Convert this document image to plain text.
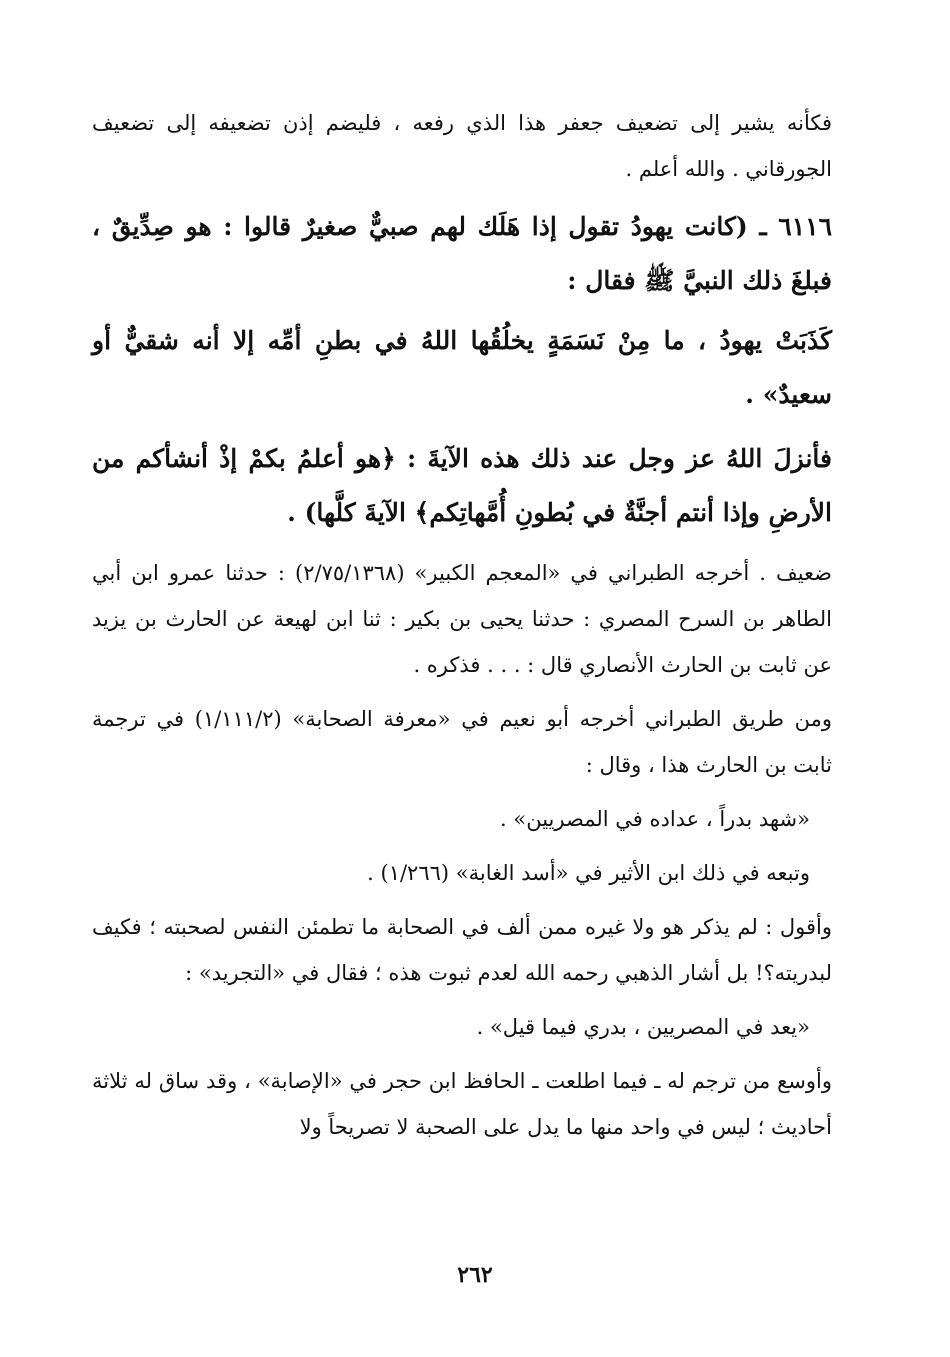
فكأنه يشير إلى تضعيف جعفر هذا الذي رفعه ، فليضم إذن تضعيفه إلى تضعيف الجورقاني . والله أعلم .

٦١١٦ ـ (كانت يهودُ تقول إذا هَلَك لهم صبيٌّ صغيرٌ قالوا : هو صِدِّيقٌ ، فبلغَ ذلك النبيَّ ﷺ فقال :

كَذَبَتْ يهودُ ، ما مِنْ نَسَمَةٍ يخلُقُها اللهُ في بطنِ أمِّه إلا أنه شقيٌّ أو سعيدٌ» .

فأنزلَ اللهُ عز وجل عند ذلك هذه الآيةَ : ﴿هو أعلمُ بكمْ إذْ أنشأكم من الأرضِ وإذا أنتم أجنَّةٌ في بُطونِ أُمَّهاتِكم﴾ الآيةَ كلَّها) .

ضعيف . أخرجه الطبراني في «المعجم الكبير» (٢/٧٥/١٣٦٨) : حدثنا عمرو ابن أبي الطاهر بن السرح المصري : حدثنا يحيى بن بكير : ثنا ابن لهيعة عن الحارث بن يزيد عن ثابت بن الحارث الأنصاري قال : . . . فذكره .

ومن طريق الطبراني أخرجه أبو نعيم في «معرفة الصحابة» (١/١١١/٢) في ترجمة ثابت بن الحارث هذا ، وقال :

«شهد بدراً ، عداده في المصريين» .

وتبعه في ذلك ابن الأثير في «أسد الغابة» (١/٢٦٦) .

وأقول : لم يذكر هو ولا غيره ممن ألف في الصحابة ما تطمئن النفس لصحبته ؛ فكيف لبدريته؟! بل أشار الذهبي رحمه الله لعدم ثبوت هذه ؛ فقال في «التجريد» :

«يعد في المصريين ، بدري فيما قيل» .

وأوسع من ترجم له ـ فيما اطلعت ـ الحافظ ابن حجر في «الإصابة» ، وقد ساق له ثلاثة أحاديث ؛ ليس في واحد منها ما يدل على الصحبة لا تصريحاً ولا

٢٦٢
